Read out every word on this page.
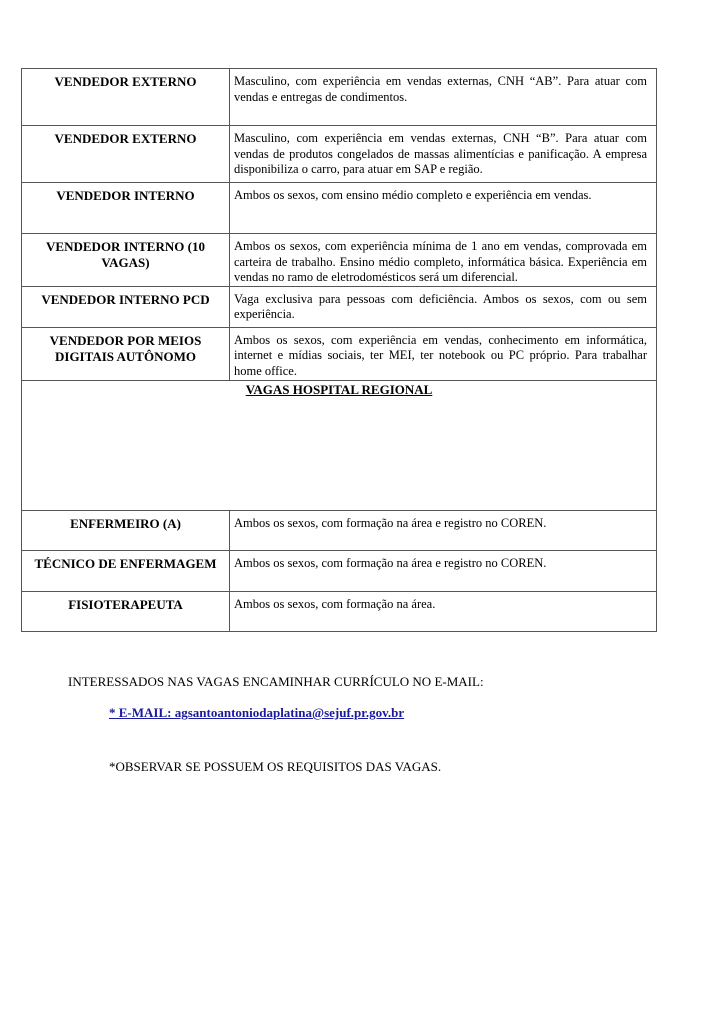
VENDEDOR EXTERNO	Masculino, com experiência em vendas externas, CNH “AB”. Para atuar com vendas e entregas de condimentos.
VENDEDOR EXTERNO	Masculino, com experiência em vendas externas, CNH “B”. Para atuar com vendas de produtos congelados de massas alimentícias e panificação. A empresa disponibiliza o carro, para atuar em SAP e região.
VENDEDOR INTERNO	Ambos os sexos, com ensino médio completo e experiência em vendas.
VENDEDOR INTERNO (10 VAGAS)	Ambos os sexos, com experiência mínima de 1 ano em vendas, comprovada em carteira de trabalho. Ensino médio completo, informática básica. Experiência em vendas no ramo de eletrodomésticos será um diferencial.
VENDEDOR INTERNO PCD	Vaga exclusiva para pessoas com deficiência. Ambos os sexos, com ou sem experiência.
VENDEDOR POR MEIOS DIGITAIS AUTÔNOMO	Ambos os sexos, com experiência em vendas, conhecimento em informática, internet e mídias sociais, ter MEI, ter notebook ou PC próprio. Para trabalhar home office.
VAGAS HOSPITAL REGIONAL	
ENFERMEIRO (A)	Ambos os sexos, com formação na área e registro no COREN.
TÉCNICO DE ENFERMAGEM	Ambos os sexos, com formação na área e registro no COREN.
FISIOTERAPEUTA	Ambos os sexos, com formação na área.
INTERESSADOS NAS VAGAS ENCAMINHAR CURRÍCULO NO E-MAIL:
* E-MAIL: agsantoantoniodaplatina@sejuf.pr.gov.br
*OBSERVAR SE POSSUEM OS REQUISITOS DAS VAGAS.
